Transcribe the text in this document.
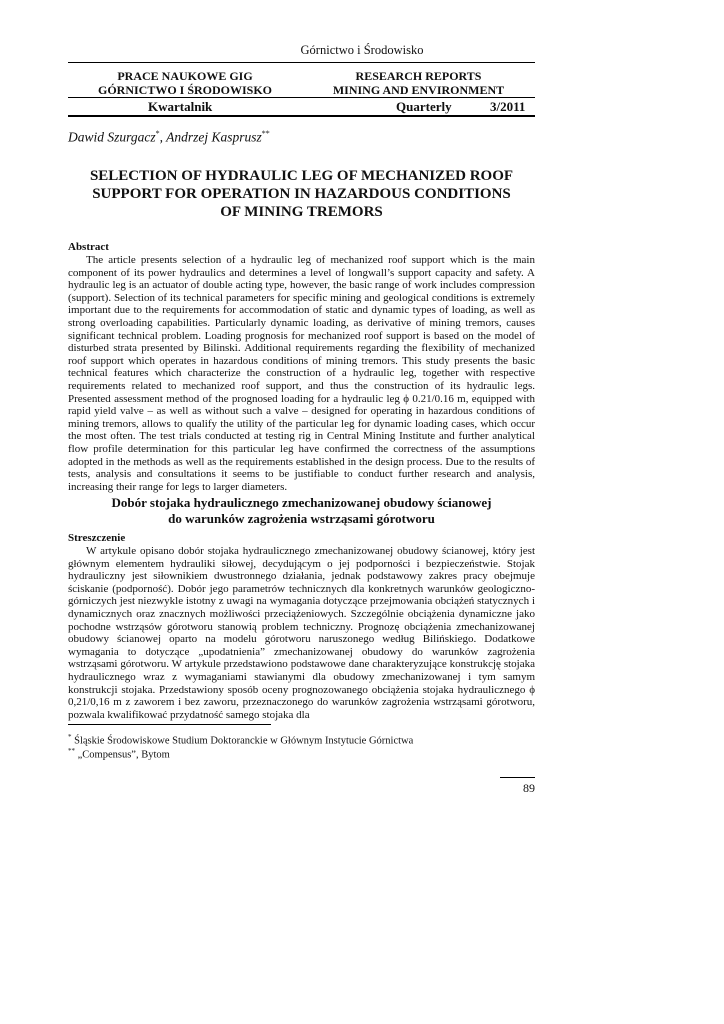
Górnictwo i Środowisko
PRACE NAUKOWE GIG
GÓRNICTWO I ŚRODOWISKO
RESEARCH REPORTS
MINING AND ENVIRONMENT
Kwartalnik	Quarterly	3/2011
Dawid Szurgacz*, Andrzej Kasprusz**
SELECTION OF HYDRAULIC LEG OF MECHANIZED ROOF
SUPPORT FOR OPERATION IN HAZARDOUS CONDITIONS
OF MINING TREMORS
Abstract

The article presents selection of a hydraulic leg of mechanized roof support which is the main component of its power hydraulics and determines a level of longwall’s support capacity and safety. A hydraulic leg is an actuator of double acting type, however, the basic range of work includes compression (support). Selection of its technical parameters for specific mining and geological conditions is extremely important due to the requirements for accommodation of static and dynamic types of loading, as well as strong overloading capabilities. Particularly dynamic loading, as derivative of mining tremors, causes significant technical problem. Loading prognosis for mechanized roof support is based on the model of disturbed strata presented by Bilinski. Additional requirements regarding the flexibility of mechanized roof support which operates in hazardous conditions of mining tremors. This study presents the basic technical features which characterize the construction of a hydraulic leg, together with respective requirements related to mechanized roof support, and thus the construction of its hydraulic legs. Presented assessment method of the prognosed loading for a hydraulic leg ϕ 0.21/0.16 m, equipped with rapid yield valve – as well as without such a valve – designed for operating in hazardous conditions of mining tremors, allows to qualify the utility of the particular leg for dynamic loading cases, which occur the most often. The test trials conducted at testing rig in Central Mining Institute and further analytical flow profile determination for this particular leg have confirmed the correctness of the assumptions adopted in the methods as well as the requirements established in the design process. Due to the results of tests, analysis and consultations it seems to be justifiable to conduct further research and analysis, increasing their range for legs to larger diameters.

Dobór stojaka hydraulicznego zmechanizowanej obudowy ścianowej
do warunków zagrożenia wstrząsami górotworu
Streszczenie

W artykule opisano dobór stojaka hydraulicznego zmechanizowanej obudowy ścianowej, który jest głównym elementem hydrauliki siłowej, decydującym o jej podporności i bezpieczeństwie. Stojak hydrauliczny jest siłownikiem dwustronnego działania, jednak podstawowy zakres pracy obejmuje ściskanie (podporność). Dobór jego parametrów technicznych dla konkretnych warunków geologiczno-górniczych jest niezwykle istotny z uwagi na wymagania dotyczące przejmowania obciążeń statycznych i dynamicznych oraz znacznych możliwości przeciążeniowych. Szczególnie obciążenia dynamiczne jako pochodne wstrząsów górotworu stanowią problem techniczny. Prognozę obciążenia zmechanizowanej obudowy ścianowej oparto na modelu górotworu naruszonego według Bilińskiego. Dodatkowe wymagania to dotyczące „upodatnienia” zmechanizowanej obudowy do warunków zagrożenia wstrząsami górotworu. W artykule przedstawiono podstawowe dane charakteryzujące konstrukcję stojaka hydraulicznego wraz z wymaganiami stawianymi dla obudowy zmechanizowanej i tym samym konstrukcji stojaka. Przedstawiony sposób oceny prognozowanego obciążenia stojaka hydraulicznego ϕ 0,21/0,16 m z zaworem i bez zaworu, przeznaczonego do warunków zagrożenia wstrząsami górotworu, pozwala kwalifikować przydatność samego stojaka dla

* Śląskie Środowiskowe Studium Doktoranckie w Głównym Instytucie Górnictwa
** „Compensus”, Bytom
89
